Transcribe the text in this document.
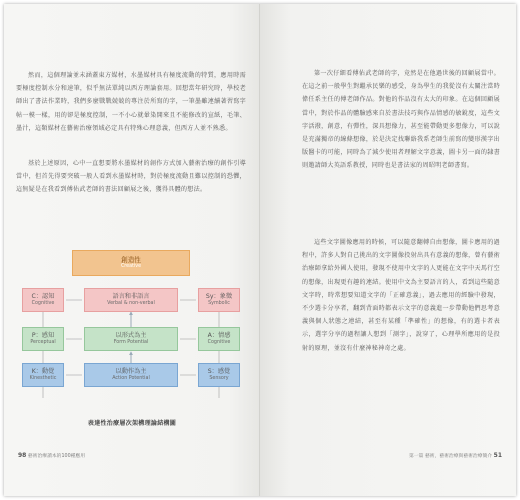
然而，這個理論並未涵蓋東方媒材，水墨媒材具有極度流動的特質，應用時需要極度控制水分和速筆，似乎無法單純以西方理論套用。回想當年研究時，學校老師出了書法作業時，我們多麼戰戰兢兢的專注於所寫的字，一筆墨雖連續著習寫字帖一模一樣，用的卻是極度控制，一不小心就暈染開來且不能修改的宣紙，毛筆、墨汁，這類媒材在藝術治療領域必定具有特殊心理意義，但西方人並不熟悉。

基於上述原因，心中一直想要將水墨媒材的創作方式加入藝術治療的創作引導當中，但首先得要突破一般人看到水墨媒材時，對於極度流動且難以控制的恐懼，這無疑是在我看到傅佑武老師的書法回顧展之後，獲得具體的想法。

創造性
Creative
C：認知
Cognitive
語言和非語言
Verbal & non-verbal
Sy：象徵
Symbolic
P：感知
Perceptual
以形式為主
Form Potential
A：情感
Cognitive
K：動覺
Kinesthetic
以動作為主
Action Potential
S：感覺
Sensory
表達性治療層次架構理論結構圖
98 藝術治療讀本的100種應用

第一次仔細看傅佑武老師的字，竟然是在他過世後的回顧展當中。在這之前一般學生對繼承民樂的感受，身為學生的我從沒有太關注當時偉任系主任的傅老師作品。對他的作品沒有太大的印象。在這個回顧展當中，對於作品的體驗感來自於書法技巧與作品情感的敏銳度，這些文字活潑，創意，有彈性，深具想像力，甚至能帶動更多想像力，可以說是充滿獨帝的線條想像，於是決定找聯絡我系老師生前寫的變形漢字出版醫卡的可能，同時為了減少使用者理解文字意義，圖卡另一面的隸書則邀請師大英語系教授，同時也是書法家的周昭明老師書寫。

這些文字圖像應用的時候，可以隨意翻轉自由想像，圖卡應用的過程中，許多人對自己挑出的文字圖像投射出具有意義的想像，曾有藝術治療師拿給外國人使用，發現不使用中文字的人更能在文字中天馬行空的想像，出現更有趣的連結。使用中文為主要語言的人，看到這些隨意文字時，時常想要知道文字的「正確意義」，過去應用的經驗中發現，不少選卡分享者，翻到背面時都表示文字的意義進一步帶動他們思考意義與個人狀態之連結，甚至有某種「準確性」的想像，有的選卡者表示，選字分享的過程讓人想到「測字」，說穿了，心理學所應用的是投射的原理，並沒有什麼神秘神奇之處。

第一篇 藝術，藝術治療與藝術治療簡介 51
